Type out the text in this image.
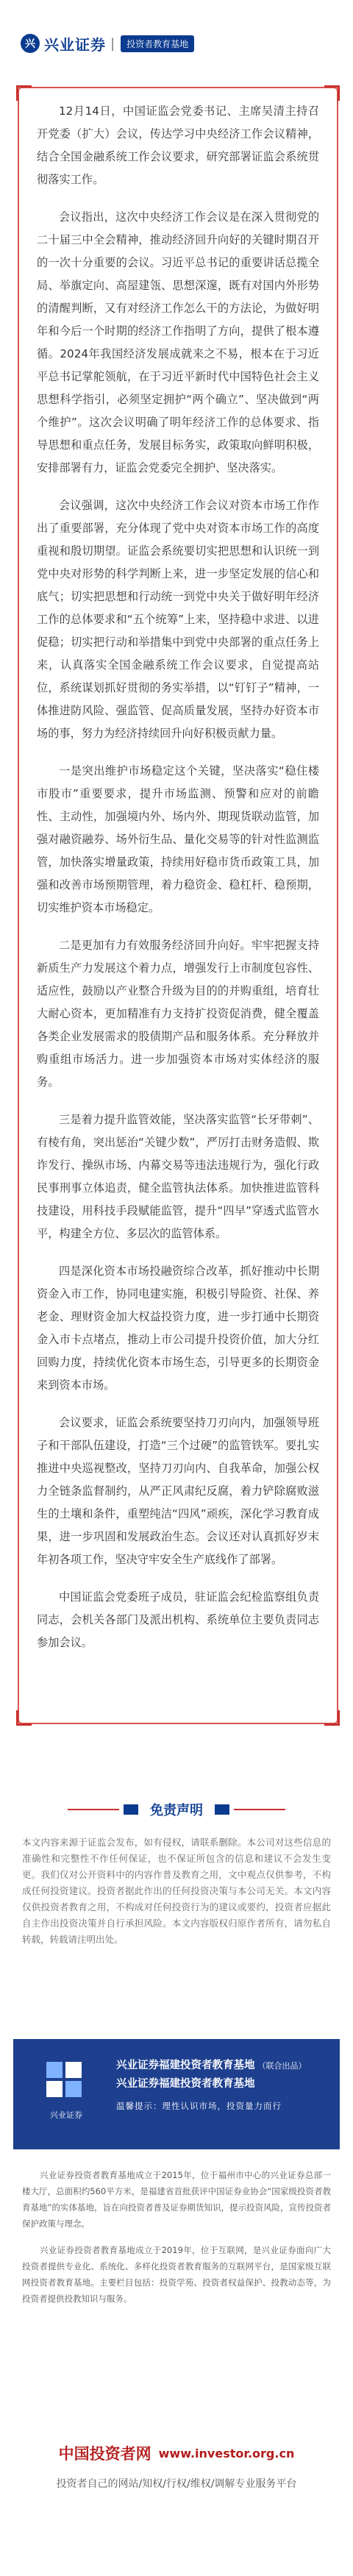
兴 兴业证券 |	投资者教育基地

12月14日，中国证监会党委书记、主席吴清主持召开党委（扩大）会议，传达学习中央经济工作会议精神，结合全国金融系统工作会议要求，研究部署证监会系统贯彻落实工作。

会议指出，这次中央经济工作会议是在深入贯彻党的二十届三中全会精神，推动经济回升向好的关键时期召开的一次十分重要的会议。习近平总书记的重要讲话总揽全局、举旗定向、高屋建瓴、思想深邃，既有对国内外形势的清醒判断，又有对经济工作怎么干的方法论，为做好明年和今后一个时期的经济工作指明了方向，提供了根本遵循。2024年我国经济发展成就来之不易，根本在于习近平总书记掌舵领航，在于习近平新时代中国特色社会主义思想科学指引，必须坚定拥护“两个确立”、坚决做到“两个维护”。这次会议明确了明年经济工作的总体要求、指导思想和重点任务，发展目标务实，政策取向鲜明积极，安排部署有力，证监会党委完全拥护、坚决落实。

会议强调，这次中央经济工作会议对资本市场工作作出了重要部署，充分体现了党中央对资本市场工作的高度重视和殷切期望。证监会系统要切实把思想和认识统一到党中央对形势的科学判断上来，进一步坚定发展的信心和底气；切实把思想和行动统一到党中央关于做好明年经济工作的总体要求和“五个统筹”上来，坚持稳中求进、以进促稳；切实把行动和举措集中到党中央部署的重点任务上来，认真落实全国金融系统工作会议要求，自觉提高站位，系统谋划抓好贯彻的务实举措，以“钉钉子”精神，一体推进防风险、强监管、促高质量发展，坚持办好资本市场的事，努力为经济持续回升向好积极贡献力量。

一是突出维护市场稳定这个关键，坚决落实“稳住楼市股市”重要要求，提升市场监测、预警和应对的前瞻性、主动性，加强境内外、场内外、期现货联动监管，加强对融资融券、场外衍生品、量化交易等的针对性监测监管，加快落实增量政策，持续用好稳市货币政策工具，加强和改善市场预期管理，着力稳资金、稳杠杆、稳预期，切实维护资本市场稳定。

二是更加有力有效服务经济回升向好。牢牢把握支持新质生产力发展这个着力点，增强发行上市制度包容性、适应性，鼓励以产业整合升级为目的的并购重组，培育壮大耐心资本，更加精准有力支持扩投资促消费，健全覆盖各类企业发展需求的股债期产品和服务体系。充分释放并购重组市场活力。进一步加强资本市场对实体经济的服务。

三是着力提升监管效能，坚决落实监管“长牙带刺”、有棱有角，突出惩治“关键少数”，严厉打击财务造假、欺诈发行、操纵市场、内幕交易等违法违规行为，强化行政民事刑事立体追责，健全监管执法体系。加快推进监管科技建设，用科技手段赋能监管，提升“四早”穿透式监管水平，构建全方位、多层次的监管体系。

四是深化资本市场投融资综合改革，抓好推动中长期资金入市工作，协同电建实施，积极引导险资、社保、养老金、理财资金加大权益投资力度，进一步打通中长期资金入市卡点堵点，推动上市公司提升投资价值，加大分红回购力度，持续优化资本市场生态，引导更多的长期资金来到资本市场。

会议要求，证监会系统要坚持刀刃向内，加强领导班子和干部队伍建设，打造“三个过硬”的监管铁军。要扎实推进中央巡视整改，坚持刀刃向内、自我革命，加强公权力全链条监督制约，从严正风肃纪反腐，着力铲除腐败滋生的土壤和条件，重塑纯洁“四风”顽疾，深化学习教育成果，进一步巩固和发展政治生态。会议还对认真抓好岁末年初各项工作，坚决守牢安全生产底线作了部署。

中国证监会党委班子成员，驻证监会纪检监察组负责同志，会机关各部门及派出机构、系统单位主要负责同志参加会议。

免责声明
本文内容来源于证监会发布，如有侵权，请联系删除。本公司对这些信息的准确性和完整性不作任何保证，也不保证所包含的信息和建议不会发生变更。我们仅对公开资料中的内容作普及教育之用，文中观点仅供参考，不构成任何投资建议。投资者据此作出的任何投资决策与本公司无关。本文内容仅供投资者教育之用，不构成对任何投资行为的建议或要约，投资者应据此自主作出投资决策并自行承担风险。本文内容版权归原作者所有，请勿私自转载，转载请注明出处。
兴业证券
兴业证券福建投资者教育基地 （联合出品）
兴业证券福建投资者教育基地
温馨提示：理性认识市场，投资量力而行

兴业证券投资者教育基地成立于2015年，位于福州市中心的兴业证券总部一楼大厅，总面积约560平方米，是福建省首批获评中国证券业协会“国家级投资者教育基地”的实体基地，旨在向投资者普及证券期货知识，提示投资风险，宣传投资者保护政策与理念。

兴业证券投资者教育基地成立于2019年，位于互联网，是兴业证券面向广大投资者提供专业化、系统化、多样化投资者教育服务的互联网平台，是国家级互联网投资者教育基地。主要栏目包括：投资学苑、投资者权益保护、投教动态等，为投资者提供投教知识与服务。

中国投资者网 www.investor.org.cn
投资者自己的网站/知权/行权/维权/调解专业服务平台
